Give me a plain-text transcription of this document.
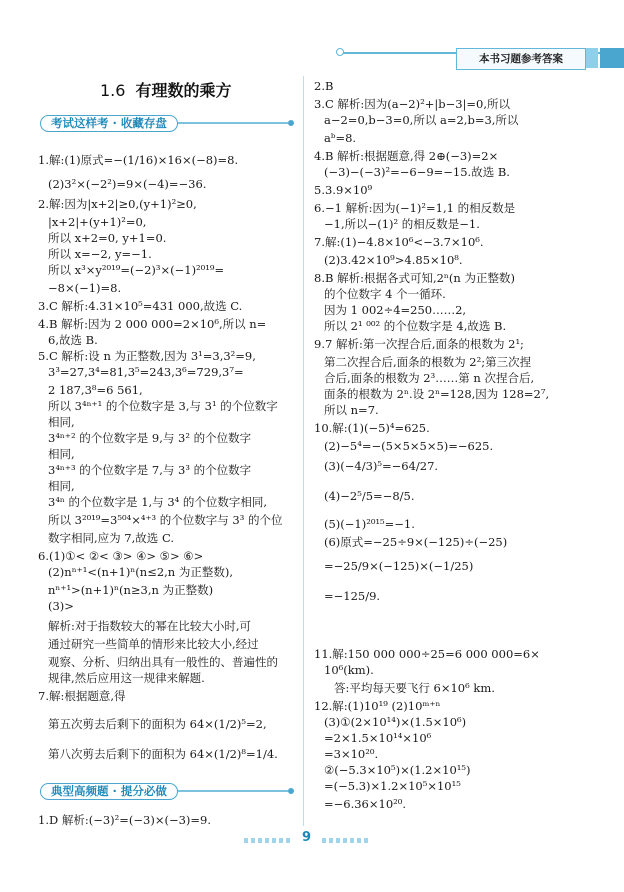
本书习题参考答案
1.6 有理数的乘方
考试这样考 · 收藏存盘
典型高频题 · 提分必做
1.解:(1)原式=−(1/16)×16×(−8)=8.
(2)3²×(−2²)=9×(−4)=−36.
2.解:因为|x+2|≥0,(y+1)²≥0,
|x+2|+(y+1)²=0,
所以 x+2=0, y+1=0.
所以 x=−2, y=−1.
所以 x³×y²⁰¹⁹=(−2)³×(−1)²⁰¹⁹=
−8×(−1)=8.
3.C 解析:4.31×10⁵=431 000,故选 C.
4.B 解析:因为 2 000 000=2×10⁶,所以 n=
6,故选 B.
5.C 解析:设 n 为正整数,因为 3¹=3,3²=9,
3³=27,3⁴=81,3⁵=243,3⁶=729,3⁷=
2 187,3⁸=6 561,
所以 3⁴ⁿ⁺¹ 的个位数字是 3,与 3¹ 的个位数字
相同,
3⁴ⁿ⁺² 的个位数字是 9,与 3² 的个位数字
相同,
3⁴ⁿ⁺³ 的个位数字是 7,与 3³ 的个位数字
相同,
3⁴ⁿ 的个位数字是 1,与 3⁴ 的个位数字相同,
所以 3²⁰¹⁹=3⁵⁰⁴×⁴⁺³ 的个位数字与 3³ 的个位
数字相同,应为 7,故选 C.
6.(1)①< ②< ③> ④> ⑤> ⑥>
(2)nⁿ⁺¹<(n+1)ⁿ(n≤2,n 为正整数),
nⁿ⁺¹>(n+1)ⁿ(n≥3,n 为正整数)
(3)>
解析:对于指数较大的幂在比较大小时,可
通过研究一些简单的情形来比较大小,经过
观察、分析、归纳出具有一般性的、普遍性的
规律,然后应用这一规律来解题.
7.解:根据题意,得
第五次剪去后剩下的面积为 64×(1/2)⁵=2,
第八次剪去后剩下的面积为 64×(1/2)⁸=1/4.
1.D 解析:(−3)²=(−3)×(−3)=9.
2.B
3.C 解析:因为(a−2)²+|b−3|=0,所以
a−2=0,b−3=0,所以 a=2,b=3,所以
aᵇ=8.
4.B 解析:根据题意,得 2⊕(−3)=2×
(−3)−(−3)²=−6−9=−15.故选 B.
5.3.9×10⁹
6.−1 解析:因为(−1)²=1,1 的相反数是
−1,所以−(1)² 的相反数是−1.
7.解:(1)−4.8×10⁶<−3.7×10⁶.
(2)3.42×10⁹>4.85×10⁸.
8.B 解析:根据各式可知,2ⁿ(n 为正整数)
的个位数字 4 个一循环.
因为 1 002÷4=250……2,
所以 2¹ ⁰⁰² 的个位数字是 4,故选 B.
9.7 解析:第一次捏合后,面条的根数为 2¹;
第二次捏合后,面条的根数为 2²;第三次捏
合后,面条的根数为 2³……第 n 次捏合后,
面条的根数为 2ⁿ.设 2ⁿ=128,因为 128=2⁷,
所以 n=7.
10.解:(1)(−5)⁴=625.
(2)−5⁴=−(5×5×5×5)=−625.
(3)(−4/3)⁵=−64/27.
(4)−2⁵/5=−8/5.
(5)(−1)²⁰¹⁵=−1.
(6)原式=−25÷9×(−125)÷(−25)
=−25/9×(−125)×(−1/25)
=−125/9.
11.解:150 000 000÷25=6 000 000=6×
10⁶(km).
答:平均每天要飞行 6×10⁶ km.
12.解:(1)10¹⁹ (2)10ᵐ⁺ⁿ
(3)①(2×10¹⁴)×(1.5×10⁶)
=2×1.5×10¹⁴×10⁶
=3×10²⁰.
②(−5.3×10⁵)×(1.2×10¹⁵)
=(−5.3)×1.2×10⁵×10¹⁵
=−6.36×10²⁰.
9
